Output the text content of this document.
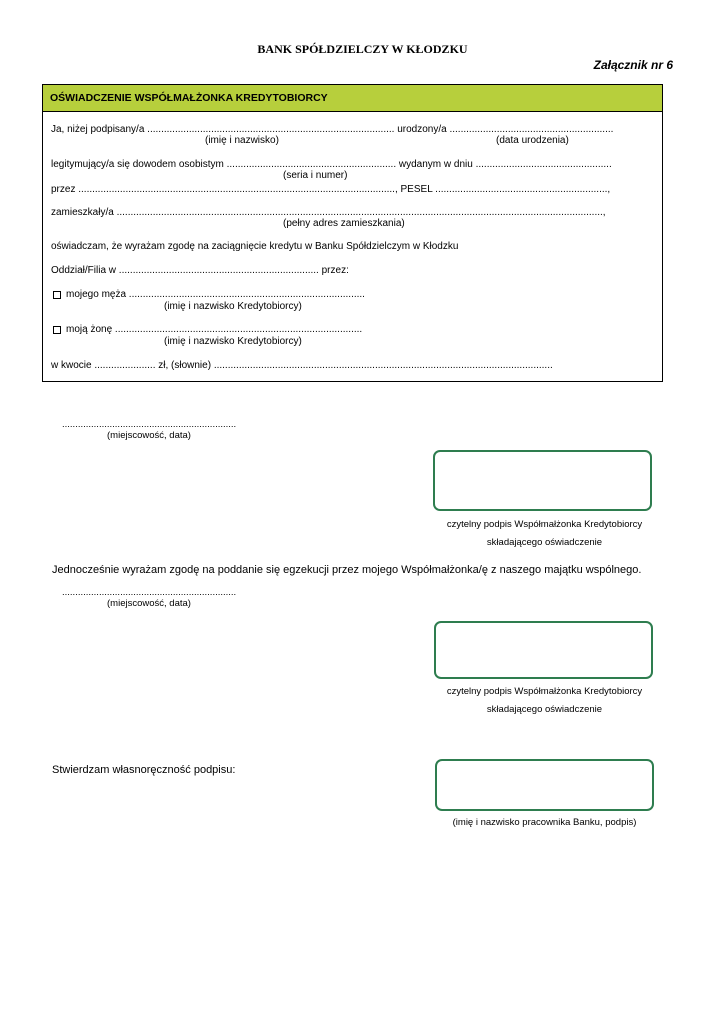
BANK SPÓŁDZIELCZY W KŁODZKU
Załącznik nr 6
OŚWIADCZENIE WSPÓŁMAŁŻONKA KREDYTOBIORCY
Ja, niżej podpisany/a ......................................................................................... urodzony/a ...........................................................
(imię i nazwisko)	(data urodzenia)
legitymujący/a się dowodem osobistym ............................................................. wydanym w dniu .................................................
(seria i numer)
przez .................................................................................................................., PESEL ..............................................................,
zamieszkały/a ...............................................................................................................................................................................,
(pełny adres zamieszkania)
oświadczam, że wyrażam zgodę na zaciągnięcie kredytu w Banku Spółdzielczym w Kłodzku
Oddział/Filia w ........................................................................ przez:
mojego męża .....................................................................................
(imię i nazwisko Kredytobiorcy)
moją żonę .........................................................................................
(imię i nazwisko Kredytobiorcy)
w kwocie ...................... zł, (słownie) ..........................................................................................................................
..................................................................
(miejscowość, data)
czytelny podpis Współmałżonka Kredytobiorcy
składającego oświadczenie
Jednocześnie wyrażam zgodę na poddanie się egzekucji przez mojego Współmałżonka/ę z naszego majątku wspólnego.
..................................................................
(miejscowość, data)
czytelny podpis Współmałżonka Kredytobiorcy
składającego oświadczenie
Stwierdzam własnoręczność podpisu:
(imię i nazwisko pracownika Banku, podpis)
